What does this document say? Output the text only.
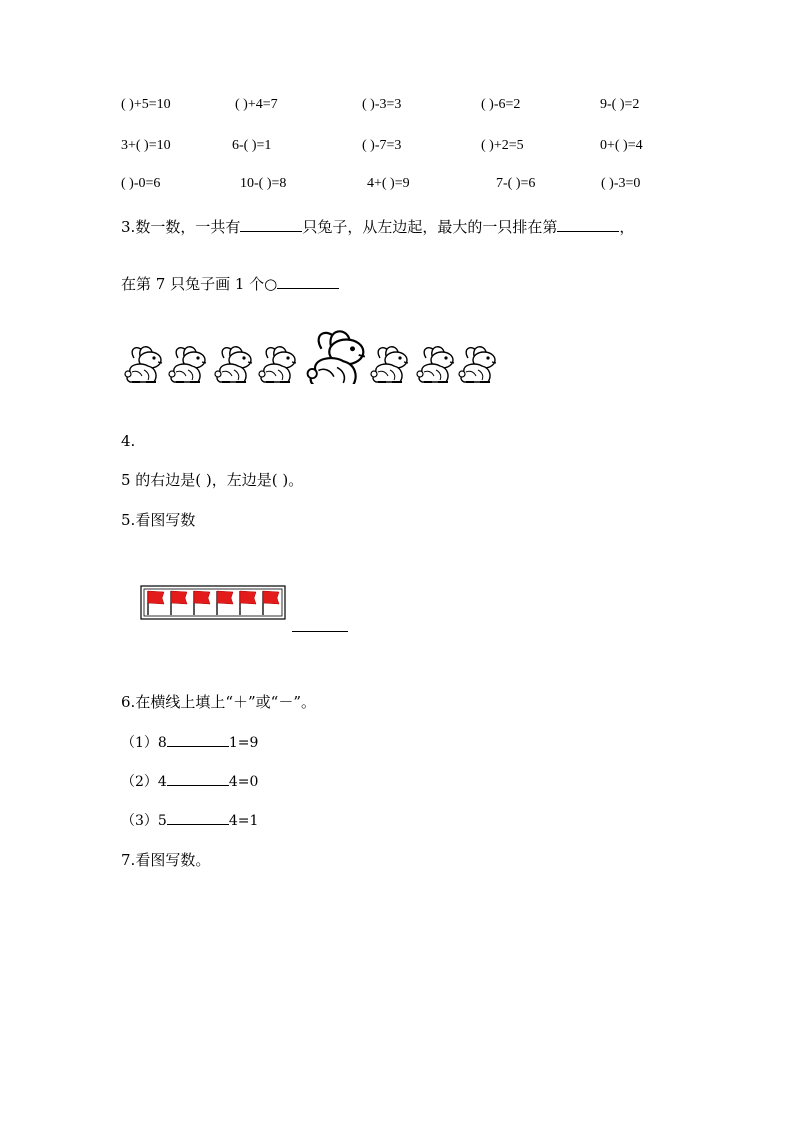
( )+5=10	( )+4=7	( )-3=3	( )-6=2	9-( )=2
3+( )=10	6-( )=1	( )-7=3	( )+2=5	0+( )=4
( )-0=6	10-( )=8	4+( )=9	7-( )=6	( )-3=0
3.数一数，一共有	只兔子，从左边起，最大的一只排在第	，
在第 7 只兔子画 1 个○
4.
5 的右边是( )，左边是( )。
5.看图写数
6.在横线上填上“＋”或“－”。
（1）8	1=9
（2）4	4=0
（3）5	4=1
7.看图写数。
